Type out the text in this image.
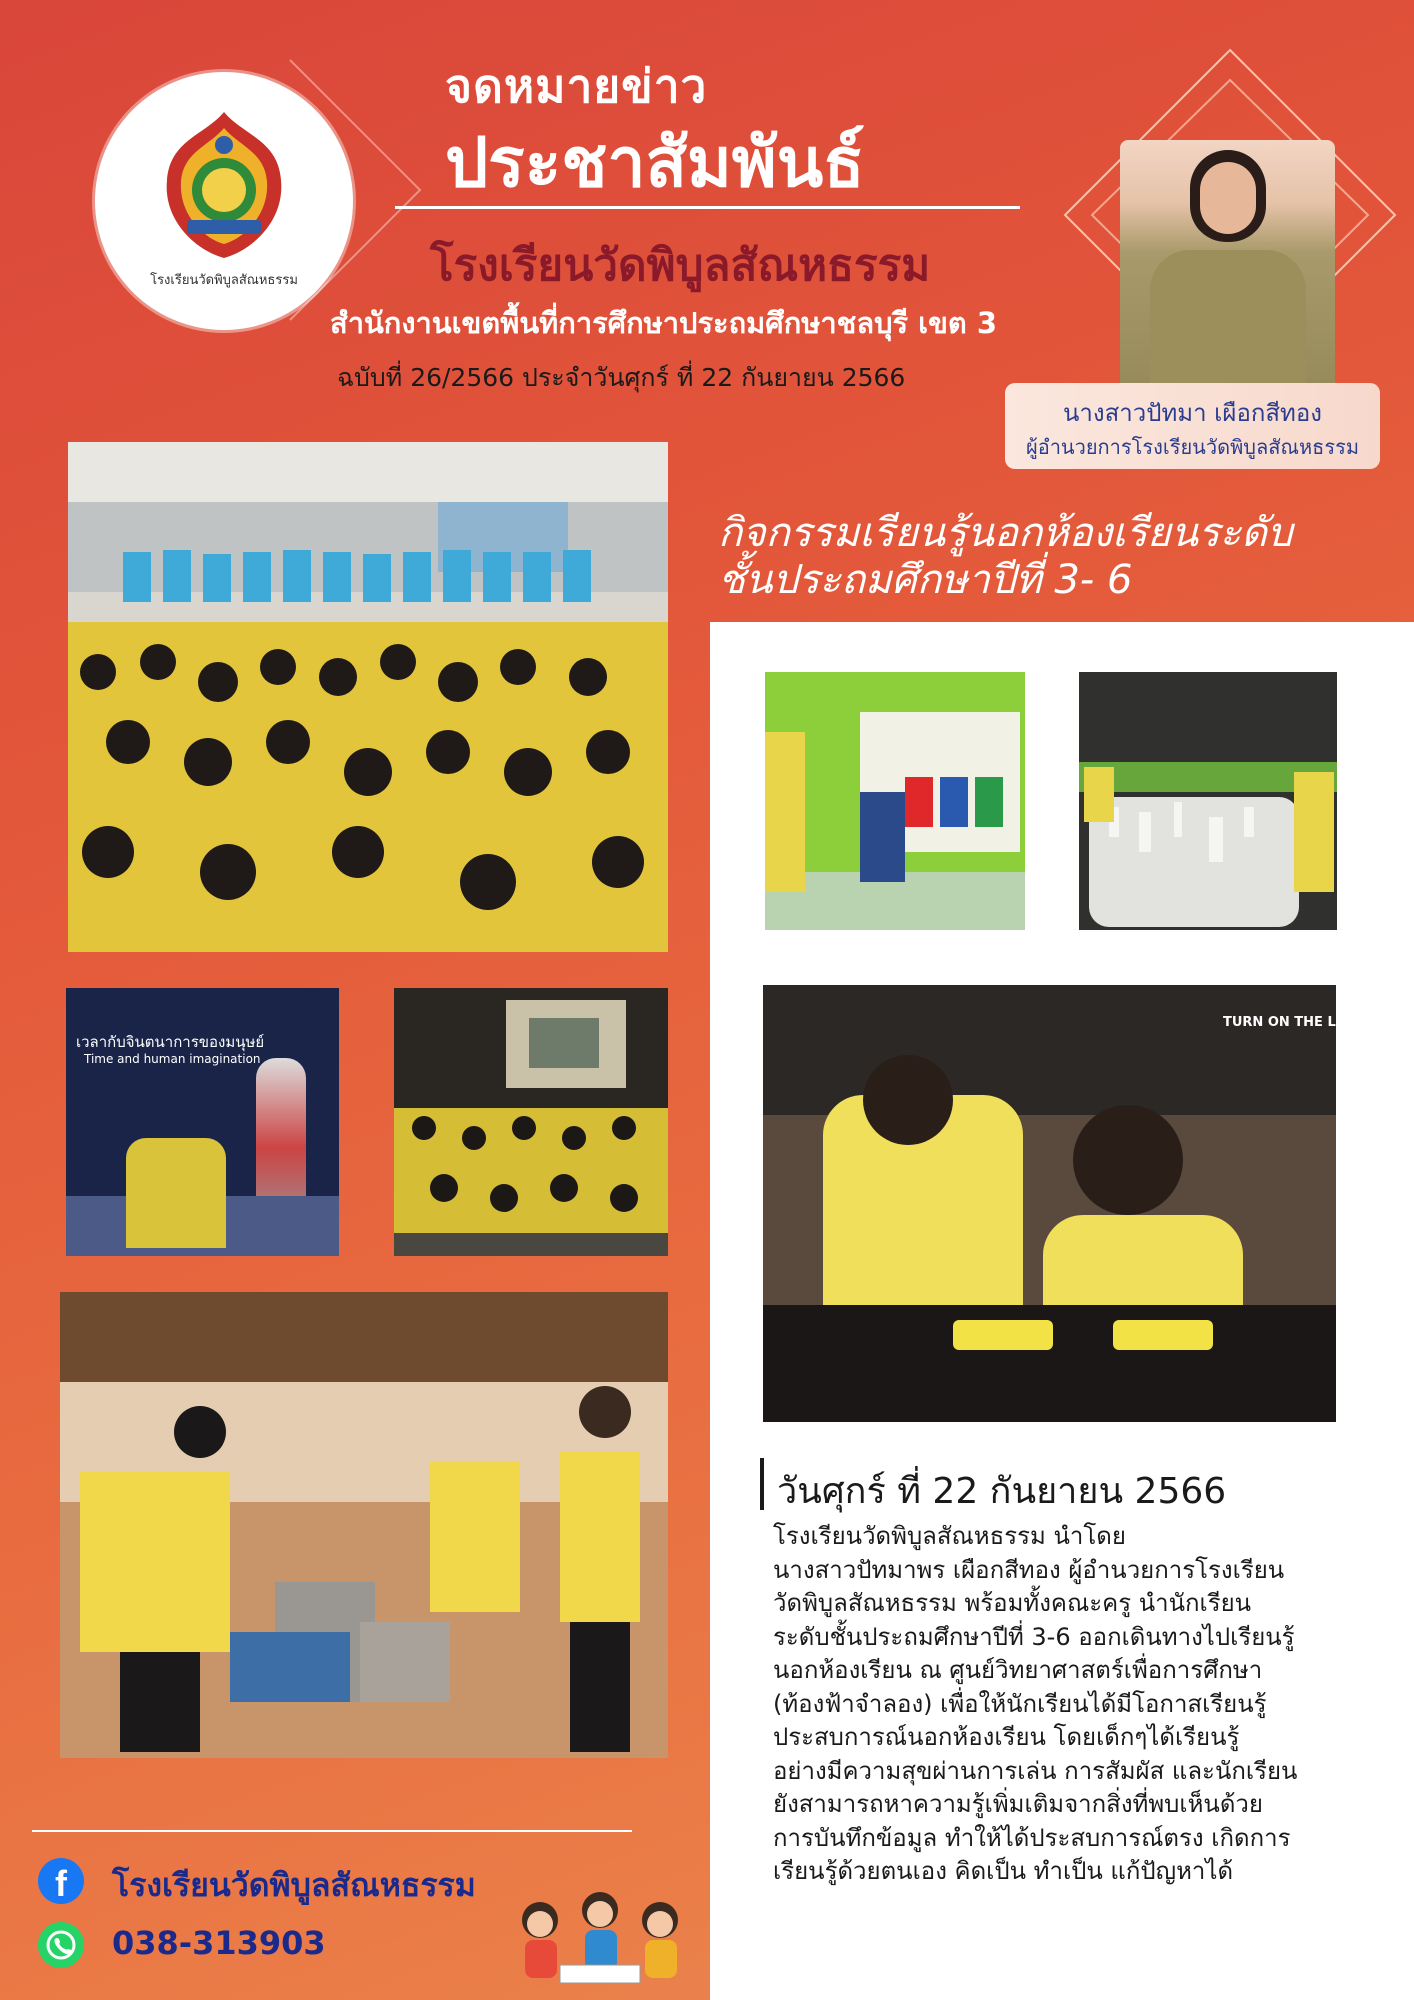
โรงเรียนวัดพิบูลสัณหธรรม
จดหมายข่าว
ประชาสัมพันธ์
โรงเรียนวัดพิบูลสัณหธรรม
สำนักงานเขตพื้นที่การศึกษาประถมศึกษาชลบุรี เขต 3
ฉบับที่ 26/2566 ประจำวันศุกร์ ที่ 22 กันยายน 2566
นางสาวปัทมา เผือกสีทอง
ผู้อำนวยการโรงเรียนวัดพิบูลสัณหธรรม
กิจกรรมเรียนรู้นอกห้องเรียนระดับ
ชั้นประถมศึกษาปีที่ 3- 6
เวลากับจินตนาการของมนุษย์
Time and human imagination
TURN ON THE L
วันศุกร์ ที่ 22 กันยายน 2566

โรงเรียนวัดพิบูลสัณหธรรม นำโดย

นางสาวปัทมาพร เผือกสีทอง ผู้อำนวยการโรงเรียน

วัดพิบูลสัณหธรรม พร้อมทั้งคณะครู นำนักเรียน

ระดับชั้นประถมศึกษาปีที่ 3-6 ออกเดินทางไปเรียนรู้

นอกห้องเรียน ณ ศูนย์วิทยาศาสตร์เพื่อการศึกษา

(ท้องฟ้าจำลอง) เพื่อให้นักเรียนได้มีโอกาสเรียนรู้

ประสบการณ์นอกห้องเรียน โดยเด็กๆได้เรียนรู้

อย่างมีความสุขผ่านการเล่น การสัมผัส และนักเรียน

ยังสามารถหาความรู้เพิ่มเติมจากสิ่งที่พบเห็นด้วย

การบันทึกข้อมูล ทำให้ได้ประสบการณ์ตรง เกิดการ

เรียนรู้ด้วยตนเอง คิดเป็น ทำเป็น แก้ปัญหาได้

f	โรงเรียนวัดพิบูลสัณหธรรม
038-313903
